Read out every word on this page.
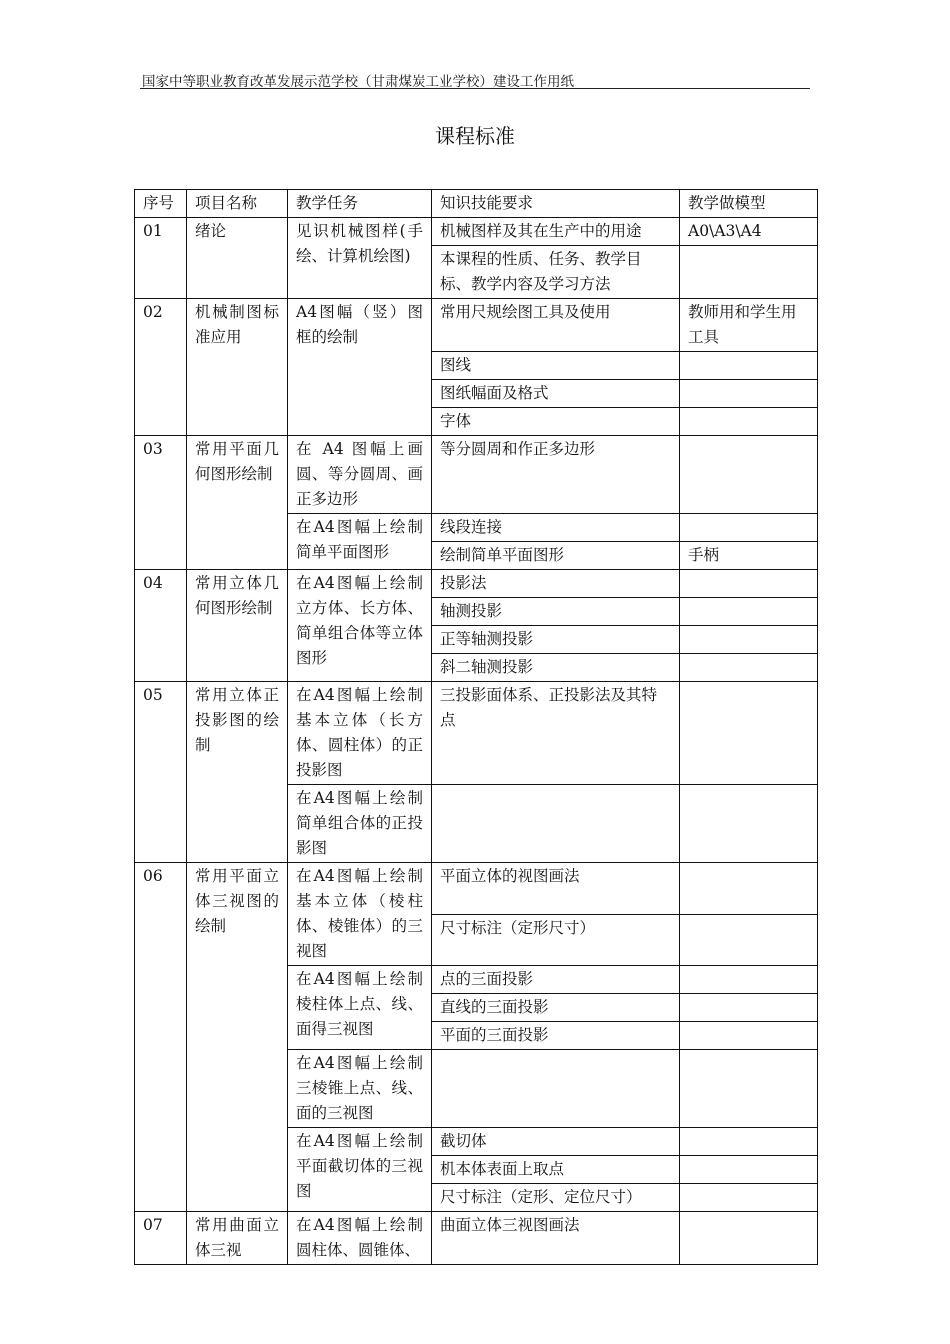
国家中等职业教育改革发展示范学校（甘肃煤炭工业学校）建设工作用纸
课程标准
序号	项目名称	教学任务	知识技能要求	教学做模型
01	绪论	见识机械图样(手绘、计算机绘图)	机械图样及其在生产中的用途	A0\A3\A4
			本课程的性质、任务、教学目标、教学内容及学习方法	
02	机械制图标准应用	A4图幅（竖）图框的绘制	常用尺规绘图工具及使用	教师用和学生用工具
			图线	
			图纸幅面及格式	
			字体	
03	常用平面几何图形绘制	在 A4 图幅上画圆、等分圆周、画正多边形	等分圆周和作正多边形	
		在A4图幅上绘制简单平面图形	线段连接	
			绘制简单平面图形	手柄
04	常用立体几何图形绘制	在A4图幅上绘制立方体、长方体、简单组合体等立体图形	投影法	
			轴测投影	
			正等轴测投影	
			斜二轴测投影	
05	常用立体正投影图的绘制	在A4图幅上绘制基本立体（长方体、圆柱体）的正投影图	三投影面体系、正投影法及其特点	
		在A4图幅上绘制简单组合体的正投影图		
06	常用平面立体三视图的绘制	在A4图幅上绘制基本立体（棱柱体、棱锥体）的三视图	平面立体的视图画法	
			尺寸标注（定形尺寸）	
		在A4图幅上绘制棱柱体上点、线、面得三视图	点的三面投影	
			直线的三面投影	
			平面的三面投影	
		在A4图幅上绘制三棱锥上点、线、面的三视图		
		在A4图幅上绘制平面截切体的三视图	截切体	
			机本体表面上取点	
			尺寸标注（定形、定位尺寸）	
07	常用曲面立体三视	在A4图幅上绘制圆柱体、圆锥体、	曲面立体三视图画法	
